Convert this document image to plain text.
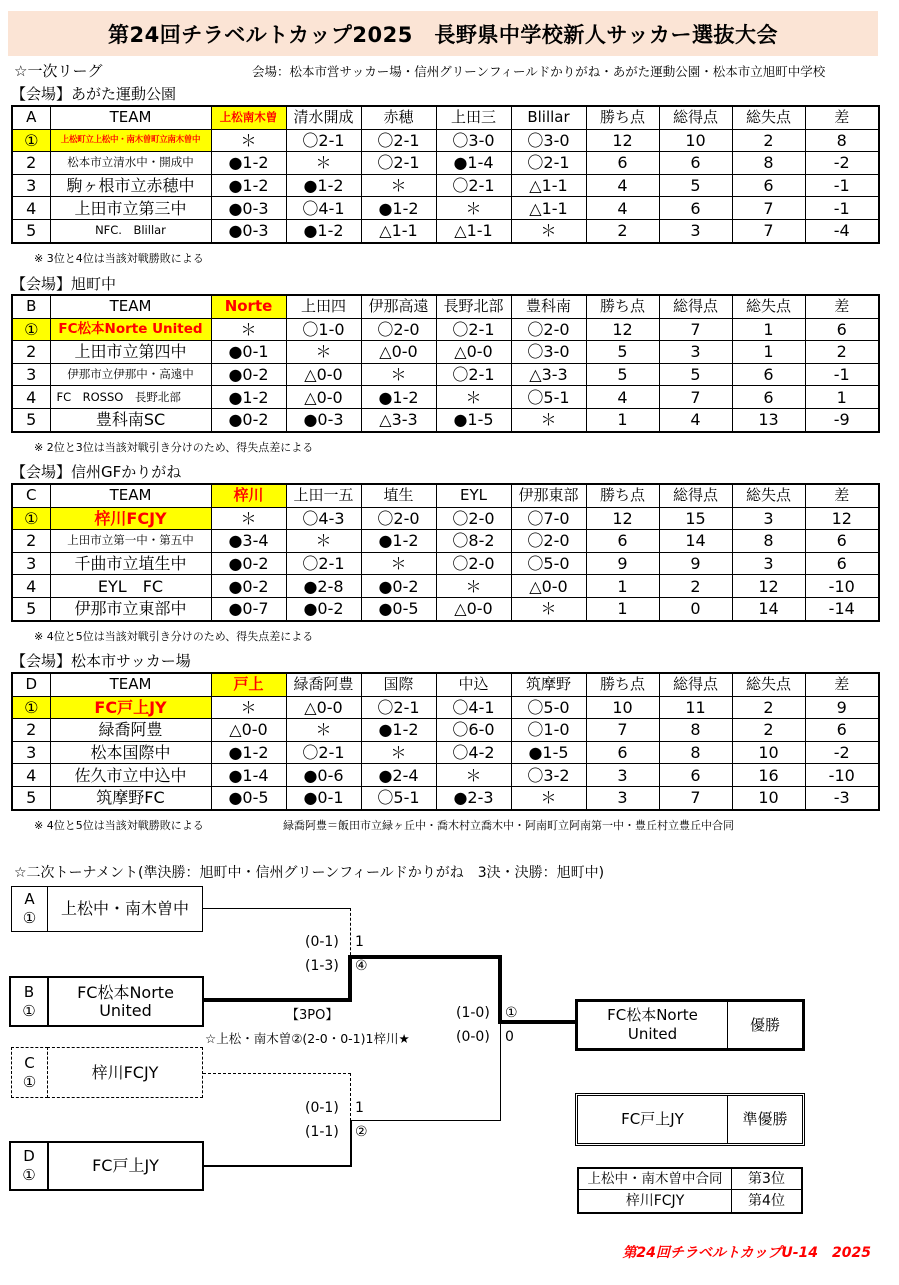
第24回チラベルトカップ2025　長野県中学校新人サッカー選抜大会
☆一次リーグ	会場：松本市営サッカー場・信州グリーンフィールドかりがね・あがた運動公園・松本市立旭町中学校
【会場】あがた運動公園
A	TEAM	上松南木曽	清水開成	赤穂	上田三	Blillar	勝ち点	総得点	総失点	差
①	上松町立上松中・南木曽町立南木曽中	＊	〇2-1	〇2-1	〇3-0	〇3-0	12	10	2	8
2	松本市立清水中・開成中	●1-2	＊	〇2-1	●1-4	〇2-1	6	6	8	-2
3	駒ヶ根市立赤穂中	●1-2	●1-2	＊	〇2-1	△1-1	4	5	6	-1
4	上田市立第三中	●0-3	〇4-1	●1-2	＊	△1-1	4	6	7	-1
5	NFC.　Blillar	●0-3	●1-2	△1-1	△1-1	＊	2	3	7	-4
※ 3位と4位は当該対戦勝敗による
【会場】旭町中
B	TEAM	Norte	上田四	伊那高遠	長野北部	豊科南	勝ち点	総得点	総失点	差
①	FC松本Norte United	＊	〇1-0	〇2-0	〇2-1	〇2-0	12	7	1	6
2	上田市立第四中	●0-1	＊	△0-0	△0-0	〇3-0	5	3	1	2
3	伊那市立伊那中・高遠中	●0-2	△0-0	＊	〇2-1	△3-3	5	5	6	-1
4	FC　ROSSO　長野北部	●1-2	△0-0	●1-2	＊	〇5-1	4	7	6	1
5	豊科南SC	●0-2	●0-3	△3-3	●1-5	＊	1	4	13	-9
※ 2位と3位は当該対戦引き分けのため、得失点差による
【会場】信州GFかりがね
C	TEAM	梓川	上田一五	埴生	EYL	伊那東部	勝ち点	総得点	総失点	差
①	梓川FCJY	＊	〇4-3	〇2-0	〇2-0	〇7-0	12	15	3	12
2	上田市立第一中・第五中	●3-4	＊	●1-2	〇8-2	〇2-0	6	14	8	6
3	千曲市立埴生中	●0-2	〇2-1	＊	〇2-0	〇5-0	9	9	3	6
4	EYL　FC	●0-2	●2-8	●0-2	＊	△0-0	1	2	12	-10
5	伊那市立東部中	●0-7	●0-2	●0-5	△0-0	＊	1	0	14	-14
※ 4位と5位は当該対戦引き分けのため、得失点差による
【会場】松本市サッカー場
D	TEAM	戸上	緑喬阿豊	国際	中込	筑摩野	勝ち点	総得点	総失点	差
①	FC戸上JY	＊	△0-0	〇2-1	〇4-1	〇5-0	10	11	2	9
2	緑喬阿豊	△0-0	＊	●1-2	〇6-0	〇1-0	7	8	2	6
3	松本国際中	●1-2	〇2-1	＊	〇4-2	●1-5	6	8	10	-2
4	佐久市立中込中	●1-4	●0-6	●2-4	＊	〇3-2	3	6	16	-10
5	筑摩野FC	●0-5	●0-1	〇5-1	●2-3	＊	3	7	10	-3
※ 4位と5位は当該対戦勝敗による	緑喬阿豊＝飯田市立緑ヶ丘中・喬木村立喬木中・阿南町立阿南第一中・豊丘村立豊丘中合同
☆二次トーナメント(準決勝：旭町中・信州グリーンフィールドかりがね　3決・決勝：旭町中)
A
①	上松中・南木曽中
B
①
FC松本Norte
United
C
①	梓川FCJY
D
①	FC戸上JY
(0-1) 1
(1-3) ④
【3PO】
☆上松・南木曽②(2-0・0-1)1梓川★
(1-0) ①
(0-0) 0
(0-1) 1
(1-1) ②
FC松本Norte
United
優勝
FC戸上JY	準優勝
上松中・南木曽中合同	第3位
梓川FCJY	第4位
第24回チラベルトカップU-14　2025
